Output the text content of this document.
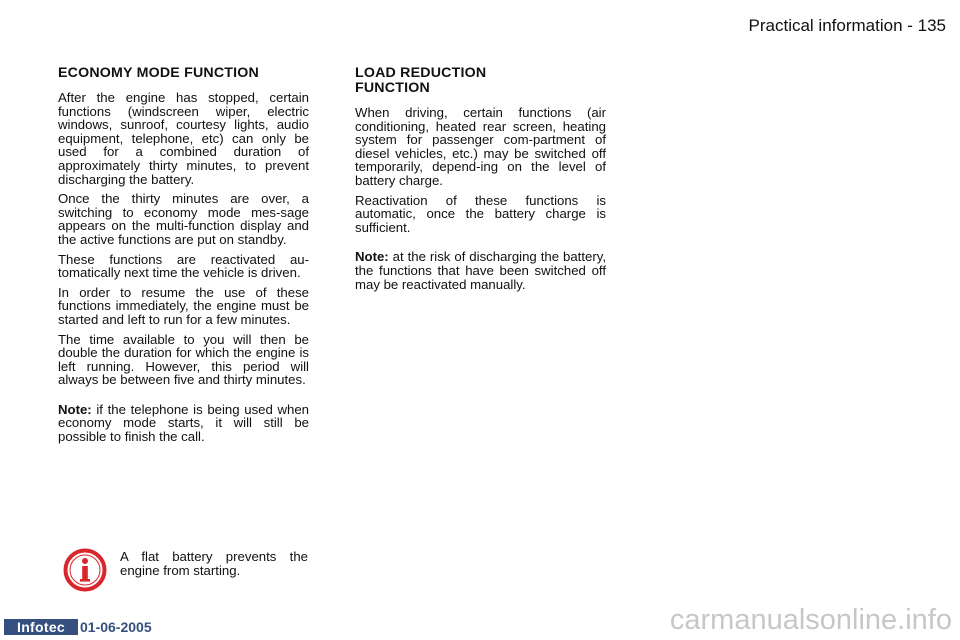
Practical information - 135
ECONOMY MODE FUNCTION

After the engine has stopped, certain functions (windscreen wiper, electric windows, sunroof, courtesy lights, audio equipment, telephone, etc) can only be used for a combined duration of approximately thirty minutes, to prevent discharging the battery.

Once the thirty minutes are over, a switching to economy mode mes-sage appears on the multi-function display and the active functions are put on standby.

These functions are reactivated au-tomatically next time the vehicle is driven.

In order to resume the use of these functions immediately, the engine must be started and left to run for a few minutes.

The time available to you will then be double the duration for which the engine is left running. However, this period will always be between five and thirty minutes.

Note: if the telephone is being used when economy mode starts, it will still be possible to finish the call.

LOAD REDUCTION
FUNCTION

When driving, certain functions (air conditioning, heated rear screen, heating system for passenger com-partment of diesel vehicles, etc.) may be switched off temporarily, depend-ing on the level of battery charge.

Reactivation of these functions is automatic, once the battery charge is sufficient.

Note: at the risk of discharging the battery, the functions that have been switched off may be reactivated manually.

A flat battery prevents the engine from starting.
Infotec	01-06-2005	carmanualsonline.info
